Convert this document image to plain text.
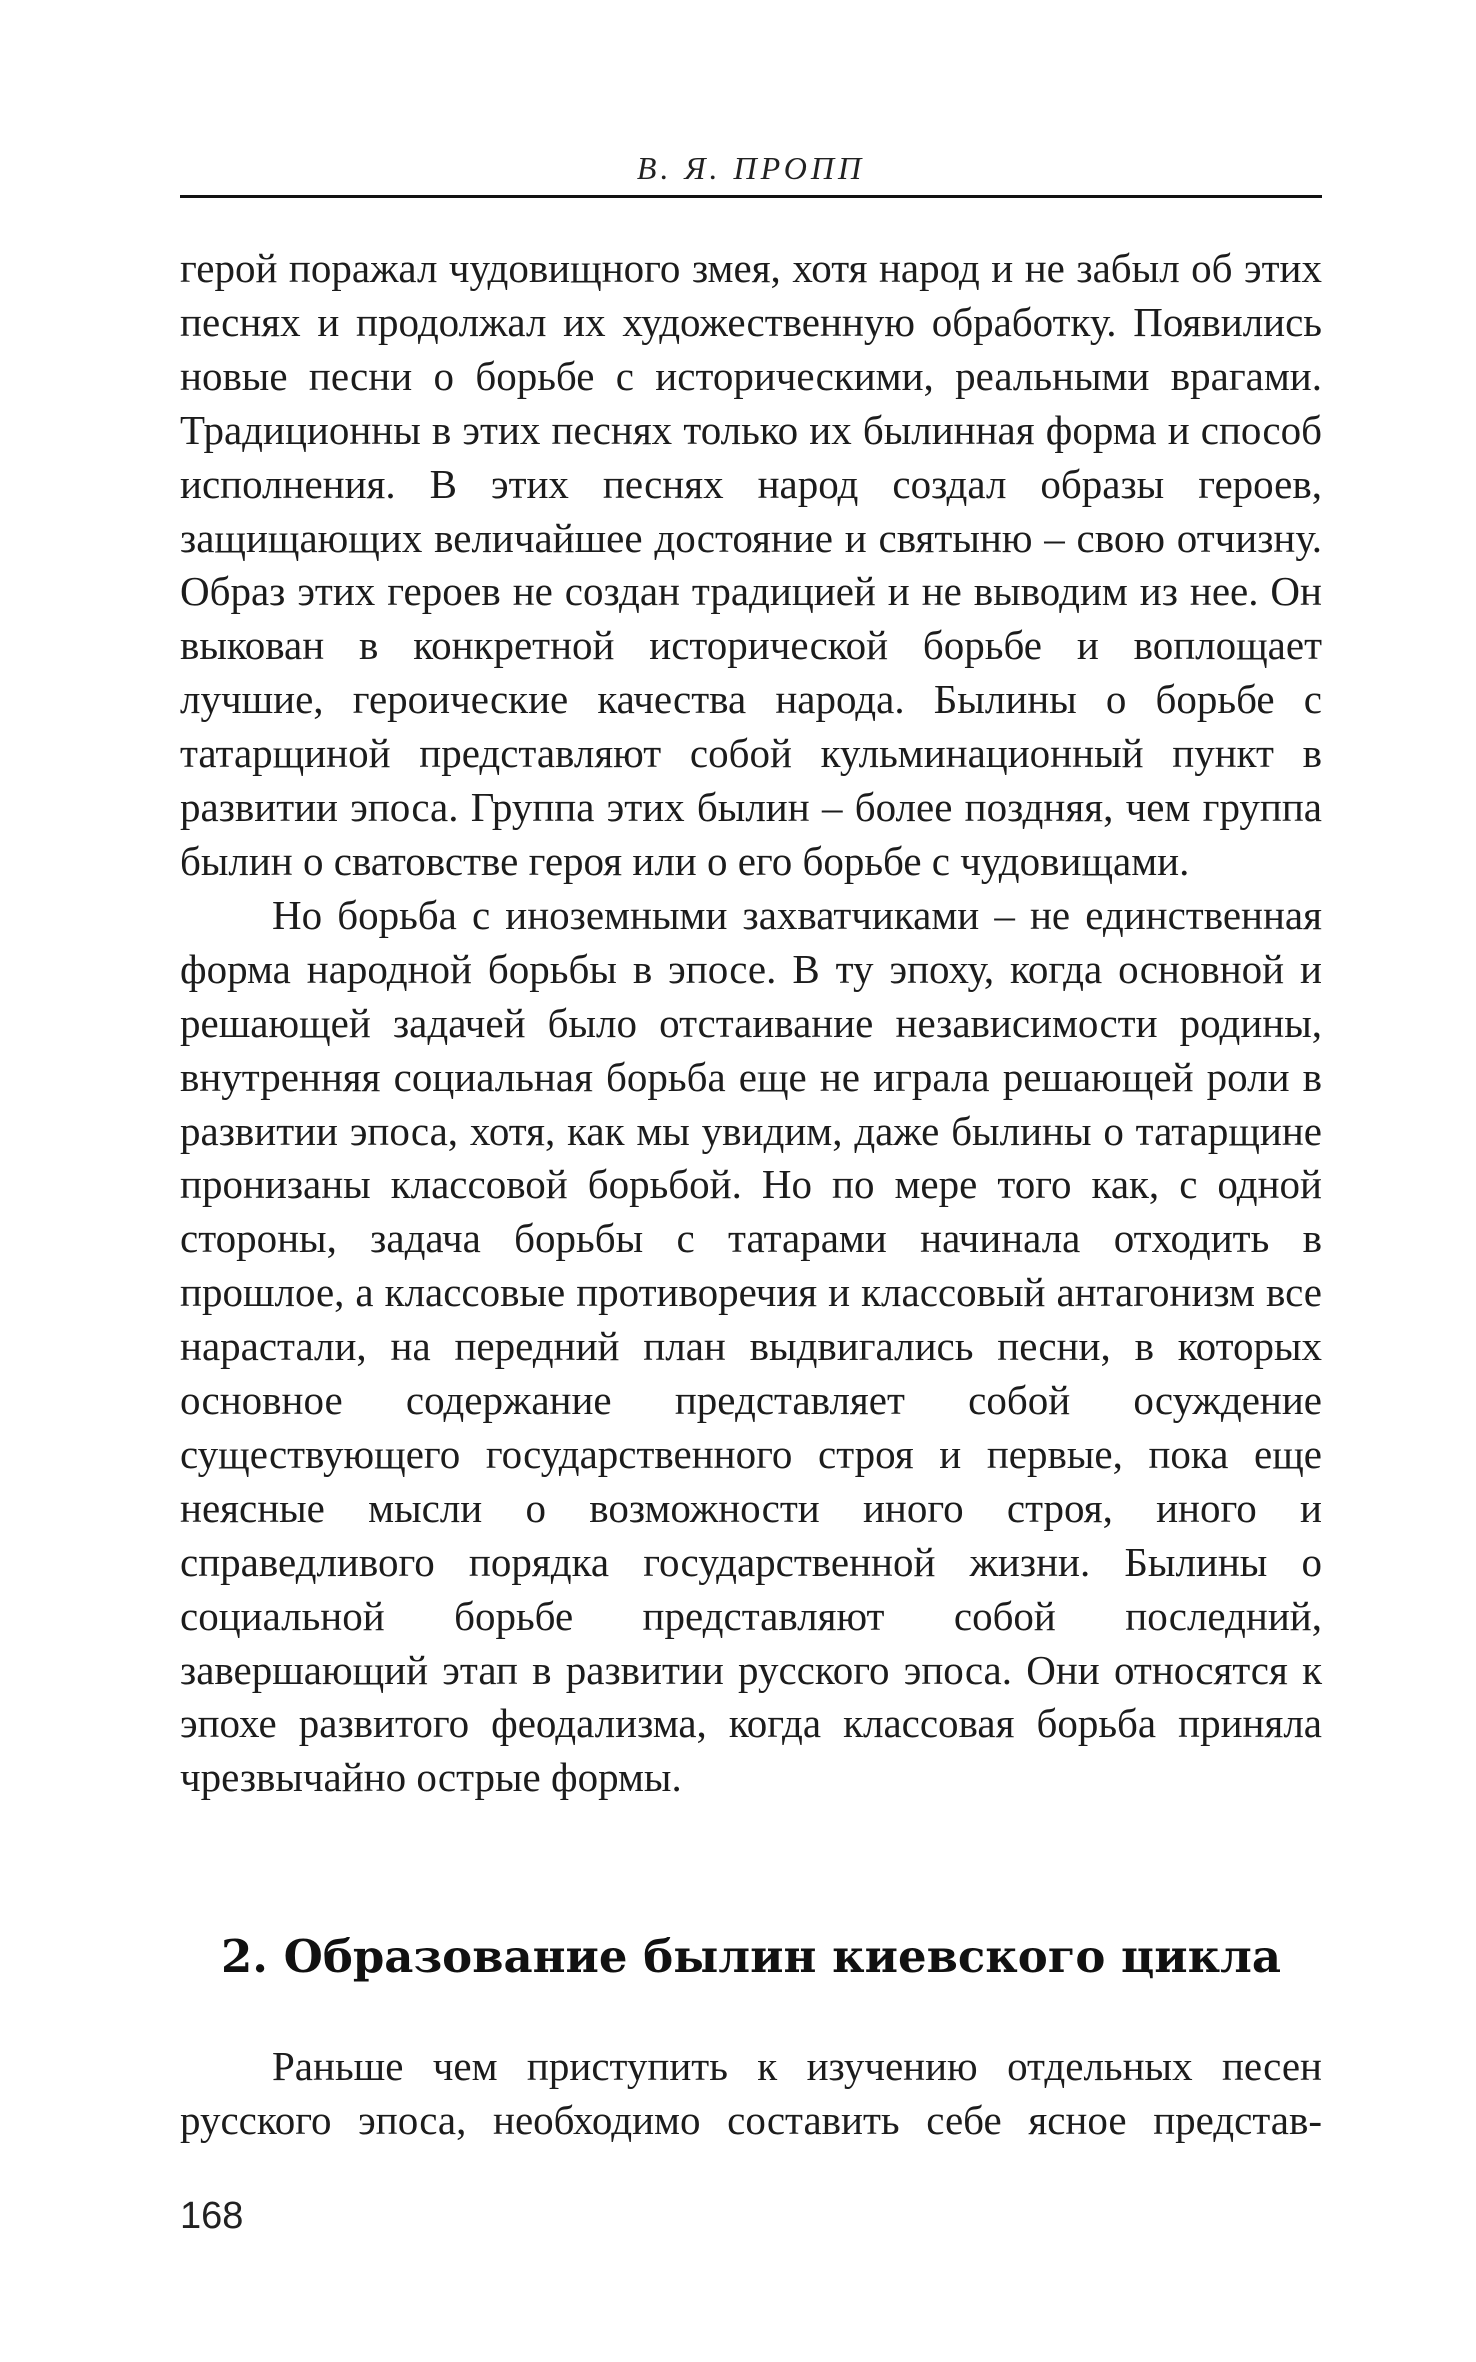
В. Я. ПРОПП

герой поражал чудовищного змея, хотя народ и не забыл об этих песнях и продолжал их художественную обработку. Появились новые песни о борьбе с историческими, реальными врагами. Традиционны в этих песнях только их былинная форма и способ исполнения. В этих песнях народ создал образы героев, защищающих величайшее достояние и святыню – свою отчизну. Образ этих героев не создан традицией и не выводим из нее. Он выкован в конкретной исторической борьбе и воплощает лучшие, героические качества народа. Былины о борьбе с татарщиной представляют собой кульминационный пункт в развитии эпоса. Группа этих былин – более поздняя, чем группа былин о сватовстве героя или о его борьбе с чудовищами.

Но борьба с иноземными захватчиками – не единственная форма народной борьбы в эпосе. В ту эпоху, когда основной и решающей задачей было отстаивание независимости родины, внутренняя социальная борьба еще не играла решающей роли в развитии эпоса, хотя, как мы увидим, даже былины о татарщине пронизаны классовой борьбой. Но по мере того как, с одной стороны, задача борьбы с татарами начинала отходить в прошлое, а классовые противоречия и классовый антагонизм все нарастали, на передний план выдвигались песни, в которых основное содержание представляет собой осуждение существующего государственного строя и первые, пока еще неясные мысли о возможности иного строя, иного и справедливого порядка государственной жизни. Былины о социальной борьбе представляют собой последний, завершающий этап в развитии русского эпоса. Они относятся к эпохе развитого феодализма, когда классовая борьба приняла чрезвычайно острые формы.

2. Образование былин киевского цикла

Раньше чем приступить к изучению отдельных песен русского эпоса, необходимо составить себе ясное представ-

168
